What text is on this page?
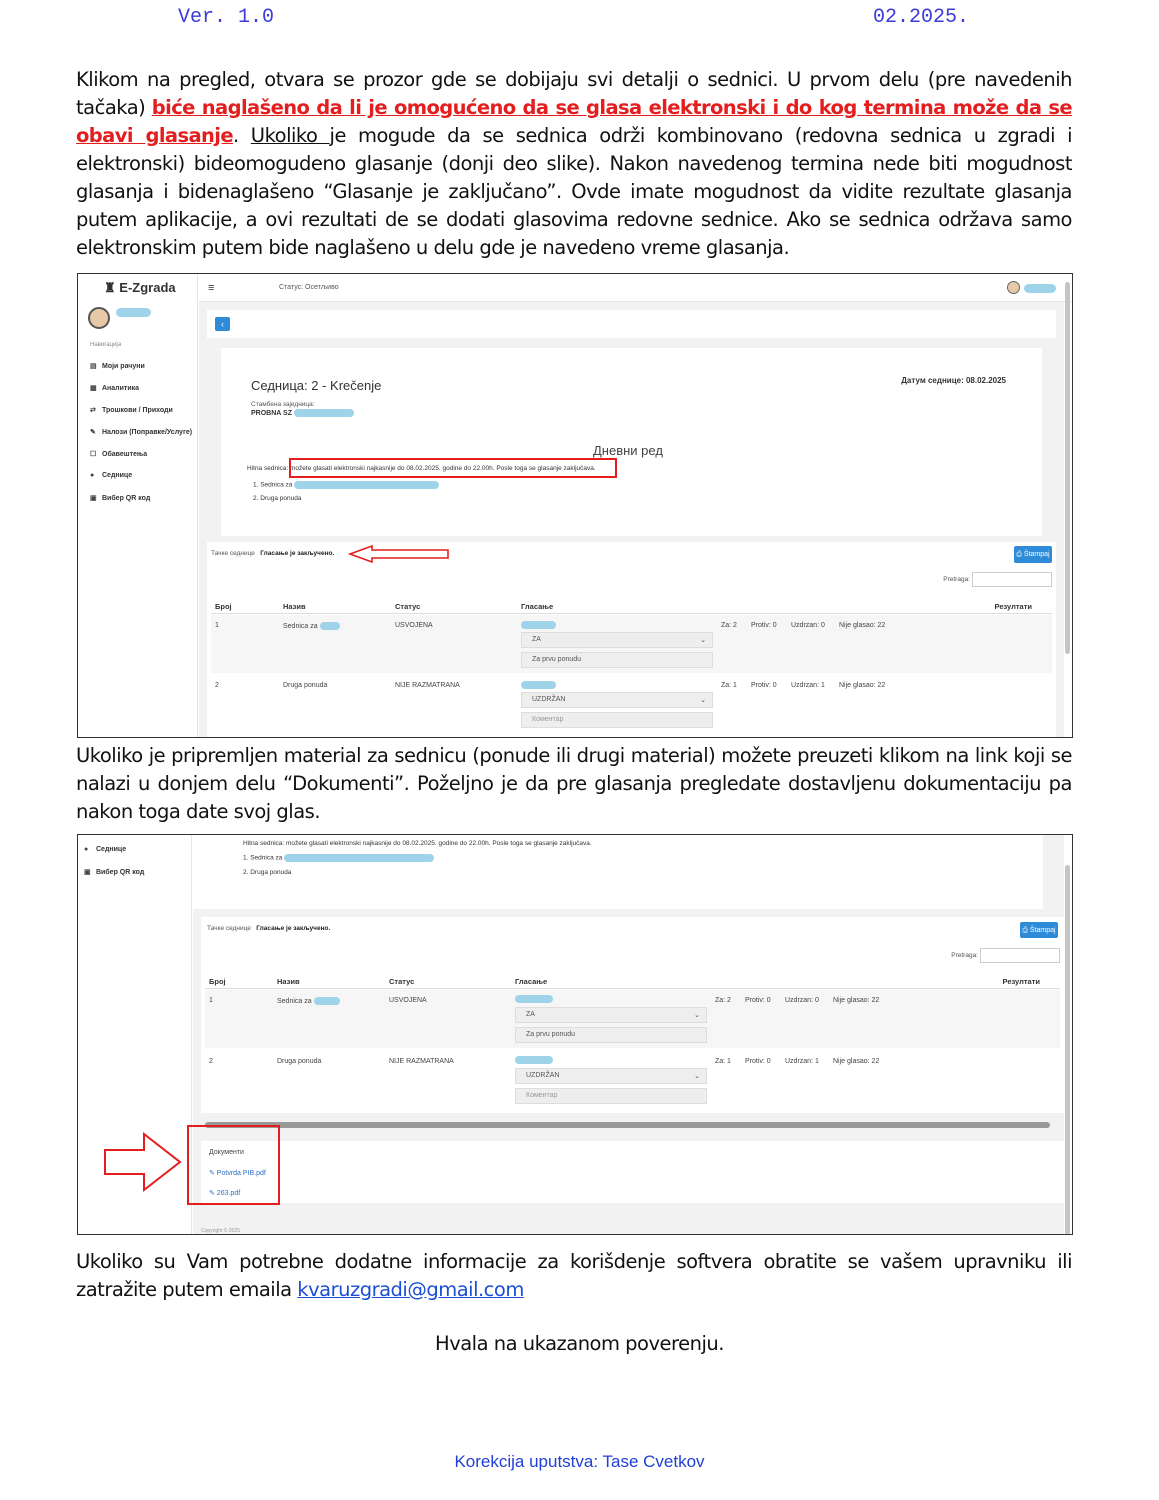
Ver. 1.0	02.2025.
Klikom na pregled, otvara se prozor gde se dobijaju svi detalji o sednici. U prvom delu (pre navedenih tačaka) biće naglašeno da li je omogućeno da se glasa elektronski i do kog termina može da se obavi glasanje. Ukoliko je mogude da se sednica održi kombinovano (redovna sednica u zgradi i elektronski) bideomogudeno glasanje (donji deo slike). Nakon navedenog termina nede biti mogudnost glasanja i bidenaglašeno “Glasanje je zaključano”. Ovde imate mogudnost da vidite rezultate glasanja putem aplikacije, a ovi rezultati de se dodati glasovima redovne sednice. Ako se sednica održava samo elektronskim putem bide naglašeno u delu gde je navedeno vreme glasanja.
♜ E-Zgrada
Навигација
▤ Моји рачуни
▦ Аналитика
⇄ Трошкови / Приходи
✎ Налози (Поправке/Услуге)
☐ Обавештења
● Седнице
▣ Вибер QR код
≡	Статус: Осетљиво
‹
Седница: 2 - Krečenje	Датум седнице: 08.02.2025
Стамбена заједница:
PROBNA SZ
Дневни ред
Hitna sednica: možete glasati elektronski najkasnije do 08.02.2025. godine do 22.00h. Posle toga se glasanje zaključava.
1. Sednica za
2. Druga ponuda
Тачке седнице Гласање је закључено.	⎙ Štampaj
Pretraga:
Број	Назив	Статус	Гласање	Резултати
1	Sednica za	USVOJENA
ZA	⌄
Za prvu ponudu
Za: 2 Protiv: 0 Uzdrzan: 0 Nije glasao: 22
2	Druga ponuda	NIJE RAZMATRANA
UZDRŽAN	⌄
Коментар
Za: 1 Protiv: 0 Uzdrzan: 1 Nije glasao: 22
Ukoliko je pripremljen material za sednicu (ponude ili drugi material) možete preuzeti klikom na link koji se nalazi u donjem delu “Dokumenti”. Poželjno je da pre glasanja pregledate dostavljenu dokumentaciju pa nakon toga date svoj glas.
● Седнице
▣ Вибер QR код
Hitna sednica: možete glasati elektronski najkasnije do 08.02.2025. godine do 22.00h. Posle toga se glasanje zaključava.
1. Sednica za
2. Druga ponuda
Тачке седнице Гласање је закључено.	⎙ Štampaj
Pretraga:
Број	Назив	Статус	Гласање	Резултати
1	Sednica za	USVOJENA
ZA	⌄
Za prvu ponudu
Za: 2 Protiv: 0 Uzdrzan: 0 Nije glasao: 22
2	Druga ponuda	NIJE RAZMATRANA
UZDRŽAN	⌄
Коментар
Za: 1 Protiv: 0 Uzdrzan: 1 Nije glasao: 22
Документи
✎ Potvrda PIB.pdf
✎ 263.pdf
Copyright © 2025
Ukoliko su Vam potrebne dodatne informacije za korišdenje softvera obratite se vašem upravniku ili zatražite putem emaila kvaruzgradi@gmail.com
Hvala na ukazanom poverenju.
Korekcija uputstva: Tase Cvetkov
